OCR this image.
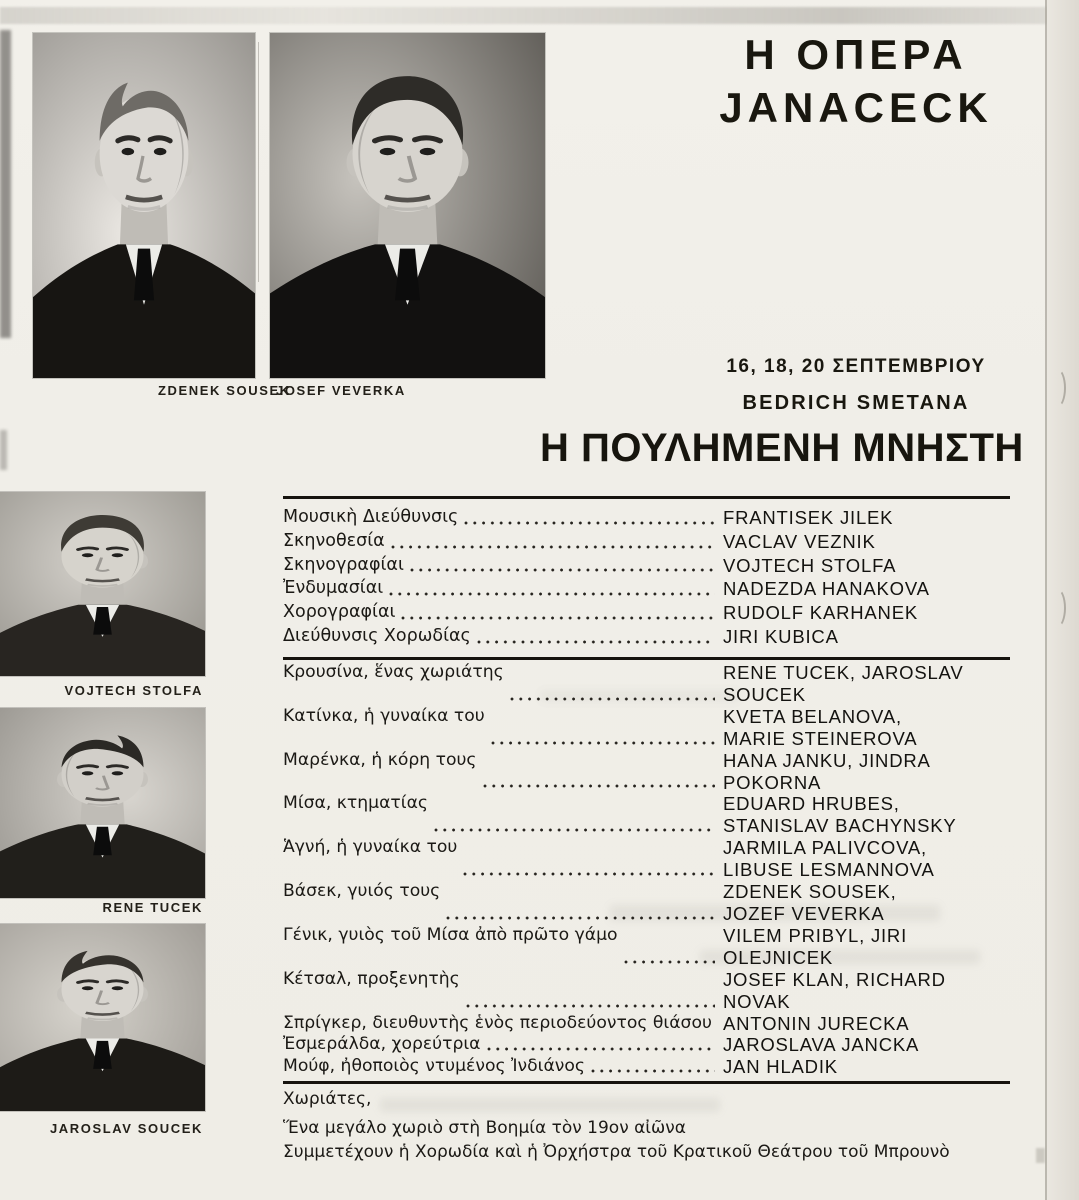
ZDENEK SOUSEK
JOSEF VEVERKA
VOJTECH STOLFA
RENE TUCEK
JAROSLAV SOUCEK
Η ΟΠΕΡΑ
JANACECK
16, 18, 20 ΣΕΠΤΕΜΒΡΙΟΥ
BEDRICH SMETANA
Η ΠΟΥΛΗΜΕΝΗ ΜΝΗΣΤΗ
Μουσικὴ Διεύθυνσις	FRANTISEK JILEK
Σκηνοθεσία	VACLAV VEZNIK
Σκηνογραφίαι	VOJTECH STOLFA
Ἐνδυμασίαι	NADEZDA HANAKOVA
Χορογραφίαι	RUDOLF KARHANEK
Διεύθυνσις Χορωδίας	JIRI KUBICA
Κρουσίνα, ἕνας χωριάτης	RENE TUCEK, JAROSLAV
SOUCEK
Κατίνκα, ἡ γυναίκα του	KVETA BELANOVA,
MARIE STEINEROVA
Μαρένκα, ἡ κόρη τους	HANA JANKU, JINDRA
POKORNA
Μίσα, κτηματίας	EDUARD HRUBES,
STANISLAV BACHYNSKY
Ἁγνή, ἡ γυναίκα του	JARMILA PALIVCOVA,
LIBUSE LESMANNOVA
Βάσεκ, γυιός τους	ZDENEK SOUSEK,
JOZEF VEVERKA
Γένικ, γυιὸς τοῦ Μίσα ἀπὸ πρῶτο γάμο	VILEM PRIBYL, JIRI
OLEJNICEK
Κέτσαλ, προξενητὴς	JOSEF KLAN, RICHARD
NOVAK
Σπρίγκερ, διευθυντὴς ἑνὸς περιοδεύοντος θιάσου ANTONIN JURECKA
Ἐσμεράλδα, χορεύτρια	JAROSLAVA JANCKA
Μούφ, ἠθοποιὸς ντυμένος Ἰνδιάνος	JAN HLADIK
Χωριάτες,
Ἕνα μεγάλο χωριὸ στὴ Βοημία τὸν 19ον αἰῶνα
Συμμετέχουν ἡ Χορωδία καὶ ἡ Ὀρχήστρα τοῦ Κρατικοῦ Θεάτρου τοῦ Μπρουνὸ
